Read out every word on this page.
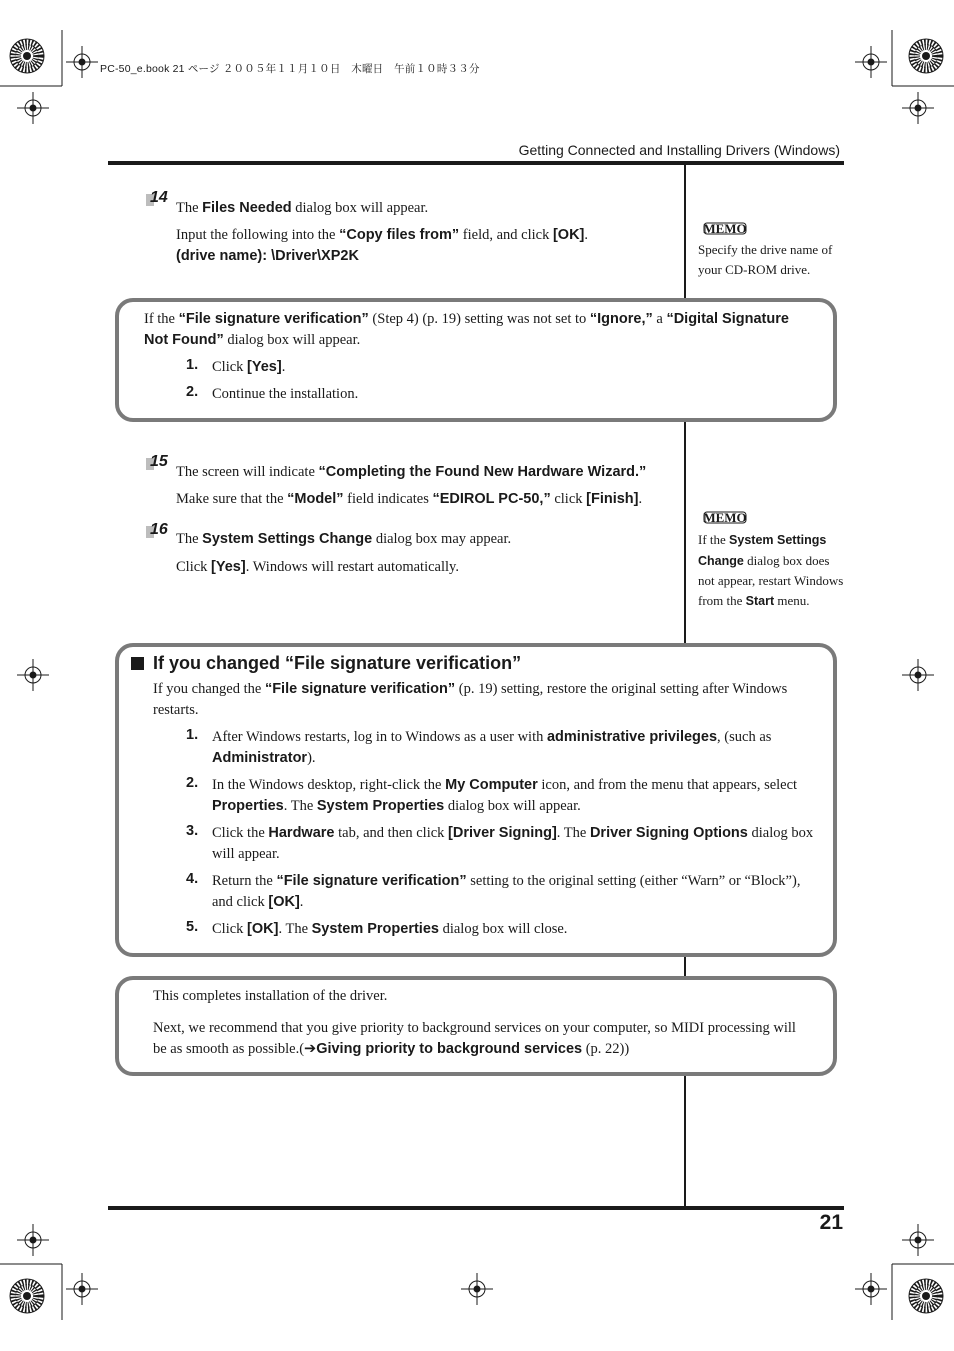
PC-50_e.book 21 ページ ２００５年１１月１０日　木曜日　午前１０時３３分
Getting Connected and Installing Drivers (Windows)
14
The Files Needed dialog box will appear.
Input the following into the “Copy files from” field, and click [OK].
(drive name): \Driver\XP2K
MEMO
Specify the drive name of your CD-ROM drive.
If the “File signature verification” (Step 4) (p. 19) setting was not set to “Ignore,” a “Digital Signature Not Found” dialog box will appear.
1. Click [Yes].
2. Continue the installation.
15
The screen will indicate “Completing the Found New Hardware Wizard.”
Make sure that the “Model” field indicates “EDIROL PC-50,” click [Finish].
16
The System Settings Change dialog box may appear.
Click [Yes]. Windows will restart automatically.
MEMO
If the System Settings Change dialog box does not appear, restart Windows from the Start menu.
If you changed “File signature verification”
If you changed the “File signature verification” (p. 19) setting, restore the original setting after Windows restarts.
1. After Windows restarts, log in to Windows as a user with administrative privileges, (such as Administrator).
2. In the Windows desktop, right-click the My Computer icon, and from the menu that appears, select Properties. The System Properties dialog box will appear.
3. Click the Hardware tab, and then click [Driver Signing]. The Driver Signing Options dialog box will appear.
4. Return the “File signature verification” setting to the original setting (either “Warn” or “Block”), and click [OK].
5. Click [OK]. The System Properties dialog box will close.
This completes installation of the driver.
Next, we recommend that you give priority to background services on your computer, so MIDI processing will be as smooth as possible.(➔Giving priority to background services (p. 22))
21
